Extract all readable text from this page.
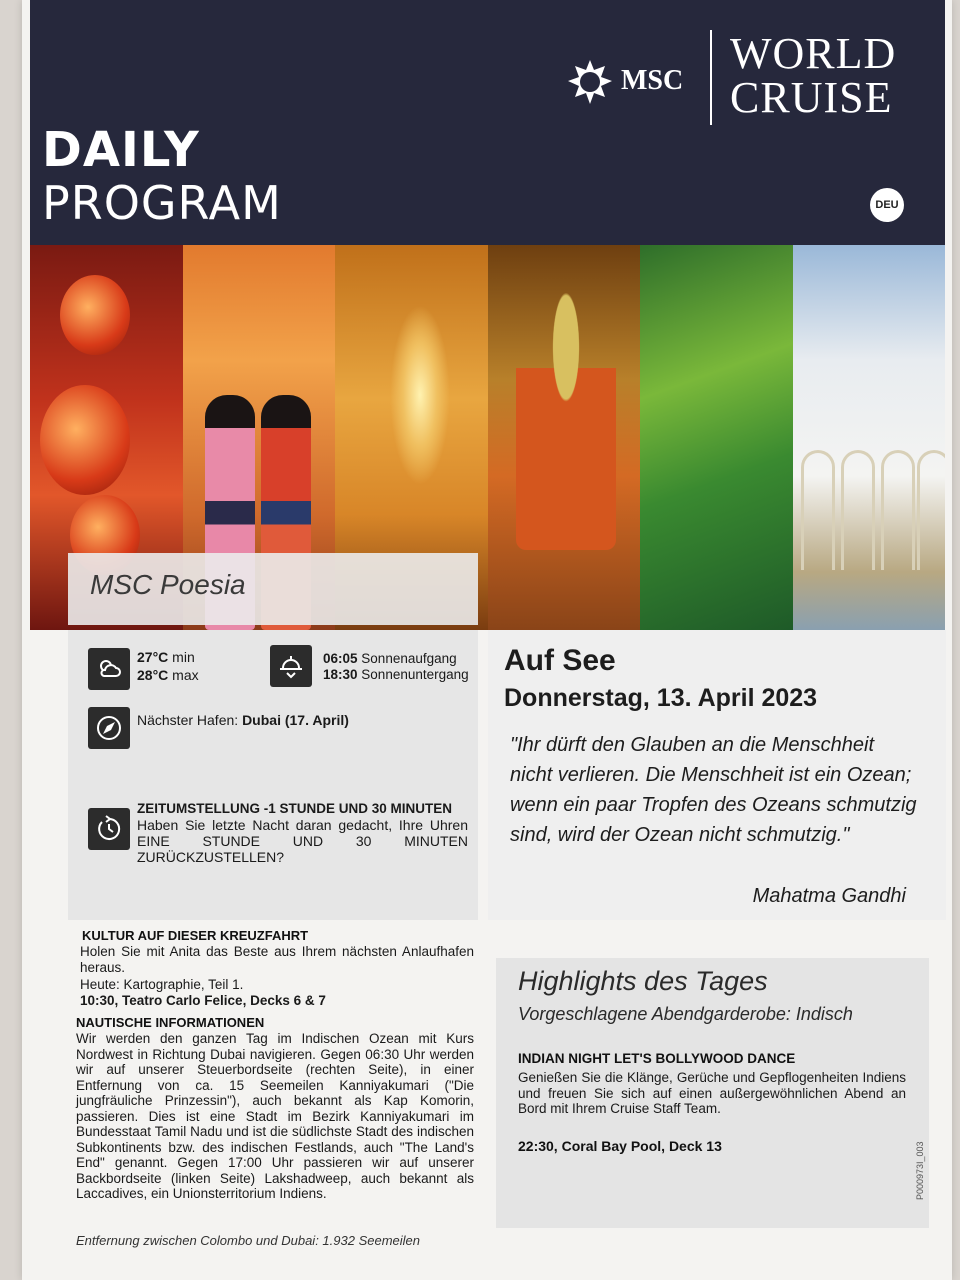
MSC
WORLD
CRUISE
DEU
DAILY
PROGRAM
MSC Poesia
27°C min
28°C max
06:05 Sonnenaufgang
18:30 Sonnenuntergang
Nächster Hafen: Dubai (17. April)
ZEITUMSTELLUNG -1 STUNDE UND 30 MINUTEN
Haben Sie letzte Nacht daran gedacht, Ihre Uhren EINE STUNDE UND 30 MINUTEN ZURÜCKZUSTELLEN?
Auf See
Donnerstag, 13. April 2023
"Ihr dürft den Glauben an die Menschheit nicht verlieren. Die Menschheit ist ein Ozean; wenn ein paar Tropfen des Ozeans schmutzig sind, wird der Ozean nicht schmutzig."
Mahatma Gandhi
KULTUR AUF DIESER KREUZFAHRT
Holen Sie mit Anita das Beste aus Ihrem nächsten Anlaufhafen heraus.
Heute: Kartographie, Teil 1.
10:30, Teatro Carlo Felice, Decks 6 & 7
NAUTISCHE INFORMATIONEN
Wir werden den ganzen Tag im Indischen Ozean mit Kurs Nordwest in Richtung Dubai navigieren. Gegen 06:30 Uhr werden wir auf unserer Steuerbordseite (rechten Seite), in einer Entfernung von ca. 15 Seemeilen Kanniyakumari ("Die jungfräuliche Prinzessin"), auch bekannt als Kap Komorin, passieren. Dies ist eine Stadt im Bezirk Kanniyakumari im Bundesstaat Tamil Nadu und ist die südlichste Stadt des indischen Subkontinents bzw. des indischen Festlands, auch "The Land's End" genannt. Gegen 17:00 Uhr passieren wir auf unserer Backbordseite (linken Seite) Lakshadweep, auch bekannt als Laccadives, ein Unionsterritorium Indiens.
Entfernung zwischen Colombo und Dubai: 1.932 Seemeilen
Highlights des Tages
Vorgeschlagene Abendgarderobe: Indisch
INDIAN NIGHT LET'S BOLLYWOOD DANCE
Genießen Sie die Klänge, Gerüche und Gepflogenheiten Indiens und freuen Sie sich auf einen außergewöhnlichen Abend an Bord mit Ihrem Cruise Staff Team.
22:30, Coral Bay Pool, Deck 13	P000973I_003
